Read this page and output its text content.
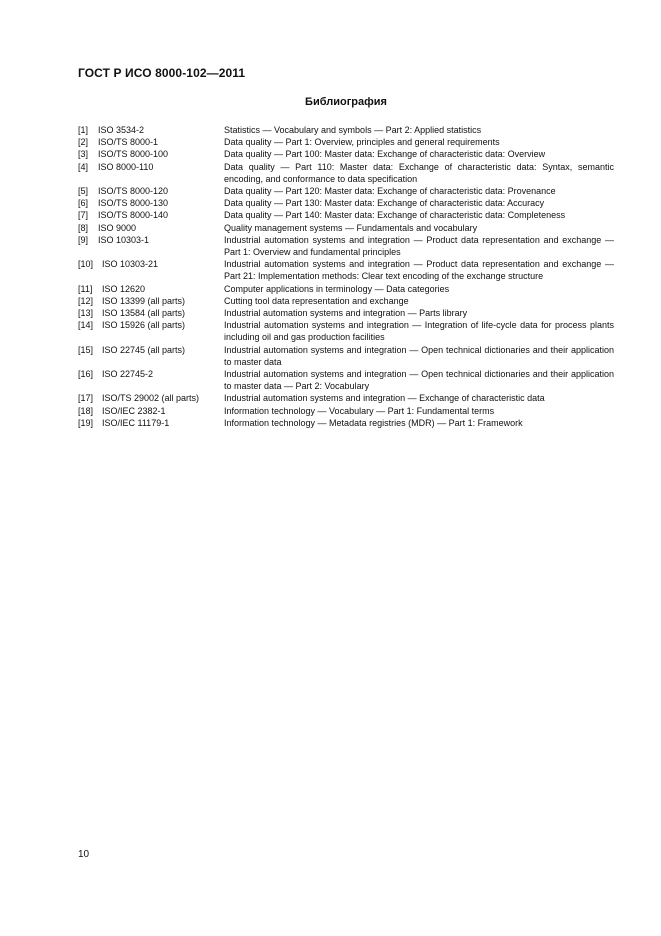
ГОСТ Р ИСО 8000-102—2011
Библиография
[1]	ISO 3534-2	Statistics — Vocabulary and symbols — Part 2: Applied statistics
[2]	ISO/TS 8000-1	Data quality — Part 1: Overview, principles and general requirements
[3]	ISO/TS 8000-100	Data quality — Part 100: Master data: Exchange of characteristic data: Overview
[4]	ISO 8000-110	Data quality — Part 110: Master data: Exchange of characteristic data: Syntax, semantic encoding, and conformance to data specification
[5]	ISO/TS 8000-120	Data quality — Part 120: Master data: Exchange of characteristic data: Provenance
[6]	ISO/TS 8000-130	Data quality — Part 130: Master data: Exchange of characteristic data: Accuracy
[7]	ISO/TS 8000-140	Data quality — Part 140: Master data: Exchange of characteristic data: Completeness
[8]	ISO 9000	Quality management systems — Fundamentals and vocabulary
[9]	ISO 10303-1	Industrial automation systems and integration — Product data representation and exchange — Part 1: Overview and fundamental principles
[10] ISO 10303-21	Industrial automation systems and integration — Product data representation and exchange — Part 21: Implementation methods: Clear text encoding of the exchange structure
[11]	ISO 12620	Computer applications in terminology — Data categories
[12] ISO 13399 (all parts)	Cutting tool data representation and exchange
[13] ISO 13584 (all parts)	Industrial automation systems and integration — Parts library
[14] ISO 15926 (all parts)	Industrial automation systems and integration — Integration of life-cycle data for process plants including oil and gas production facilities
[15] ISO 22745 (all parts)	Industrial automation systems and integration — Open technical dictionaries and their application to master data
[16] ISO 22745-2	Industrial automation systems and integration — Open technical dictionaries and their application to master data — Part 2: Vocabulary
[17] ISO/TS 29002 (all parts)	Industrial automation systems and integration — Exchange of characteristic data
[18] ISO/IEC 2382-1	Information technology — Vocabulary — Part 1: Fundamental terms
[19] ISO/IEC 11179-1	Information technology — Metadata registries (MDR) — Part 1: Framework
10
